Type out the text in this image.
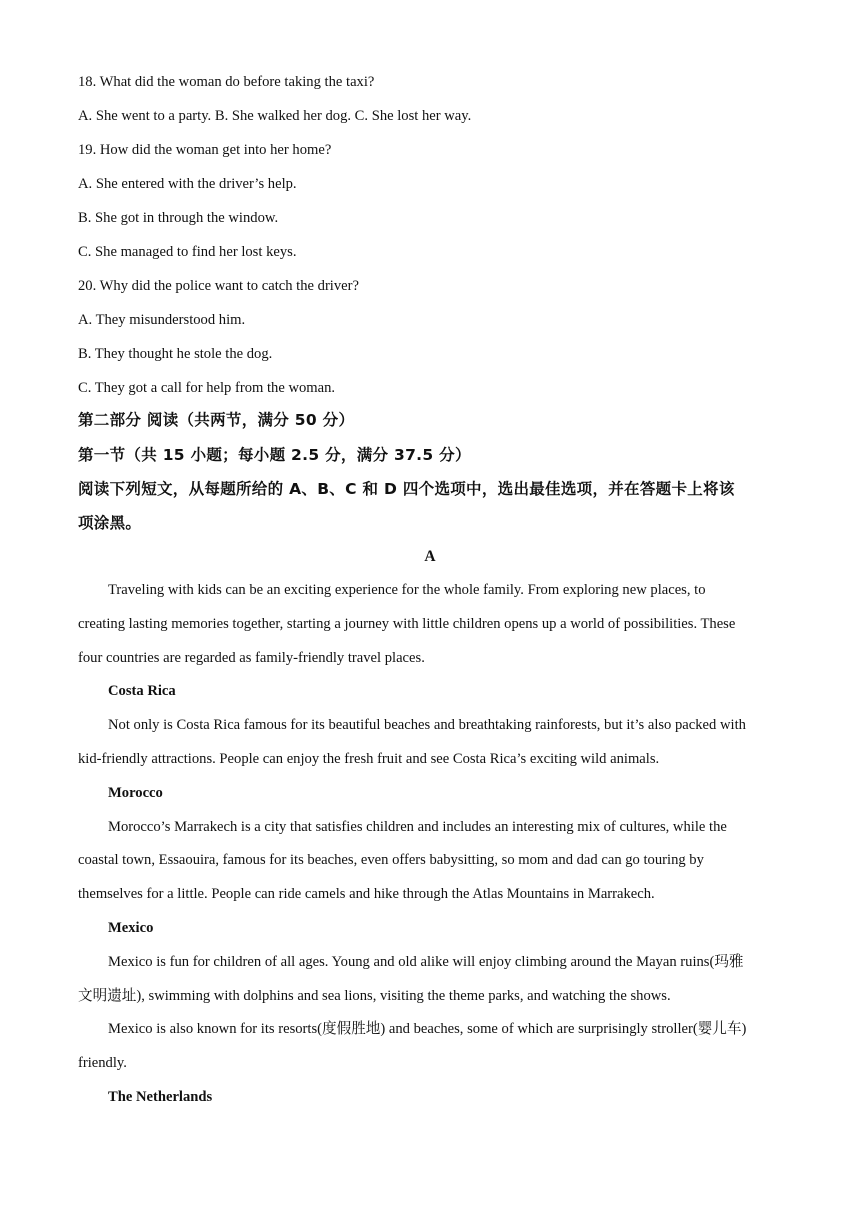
18. What did the woman do before taking the taxi?
A. She went to a party. B. She walked her dog. C. She lost her way.
19. How did the woman get into her home?
A. She entered with the driver’s help.
B. She got in through the window.
C. She managed to find her lost keys.
20. Why did the police want to catch the driver?
A. They misunderstood him.
B. They thought he stole the dog.
C. They got a call for help from the woman.
第二部分 阅读（共两节，满分 50 分）
第一节（共 15 小题；每小题 2.5 分，满分 37.5 分）
阅读下列短文，从每题所给的 A、B、C 和 D 四个选项中，选出最佳选项，并在答题卡上将该
项涂黑。
A
Traveling with kids can be an exciting experience for the whole family. From exploring new places, to
creating lasting memories together, starting a journey with little children opens up a world of possibilities. These
four countries are regarded as family-friendly travel places.
Costa Rica
Not only is Costa Rica famous for its beautiful beaches and breathtaking rainforests, but it’s also packed with
kid-friendly attractions. People can enjoy the fresh fruit and see Costa Rica’s exciting wild animals.
Morocco
Morocco’s Marrakech is a city that satisfies children and includes an interesting mix of cultures, while the
coastal town, Essaouira, famous for its beaches, even offers babysitting, so mom and dad can go touring by
themselves for a little. People can ride camels and hike through the Atlas Mountains in Marrakech.
Mexico
Mexico is fun for children of all ages. Young and old alike will enjoy climbing around the Mayan ruins(玛雅
文明遗址), swimming with dolphins and sea lions, visiting the theme parks, and watching the shows.
Mexico is also known for its resorts(度假胜地) and beaches, some of which are surprisingly stroller(婴儿车)
friendly.
The Netherlands
